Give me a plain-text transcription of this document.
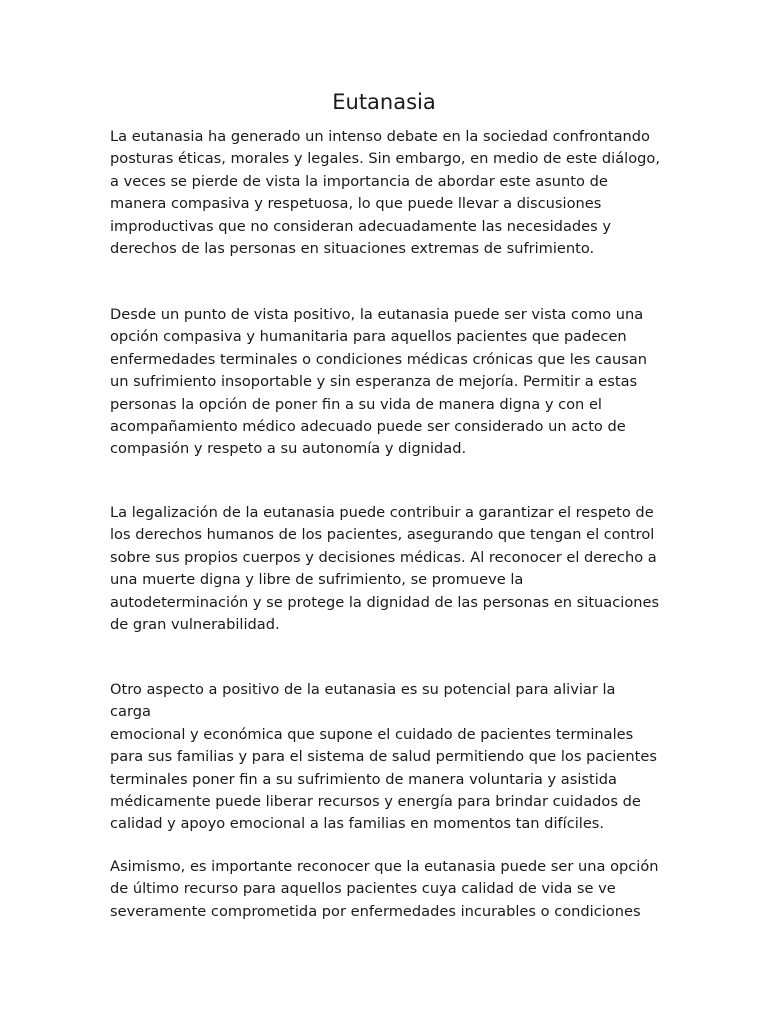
Eutanasia

La eutanasia ha generado un intenso debate en la sociedad confrontando
posturas éticas, morales y legales. Sin embargo, en medio de este diálogo,
a veces se pierde de vista la importancia de abordar este asunto de
manera compasiva y respetuosa, lo que puede llevar a discusiones
improductivas que no consideran adecuadamente las necesidades y
derechos de las personas en situaciones extremas de sufrimiento.

Desde un punto de vista positivo, la eutanasia puede ser vista como una
opción compasiva y humanitaria para aquellos pacientes que padecen
enfermedades terminales o condiciones médicas crónicas que les causan
un sufrimiento insoportable y sin esperanza de mejoría. Permitir a estas
personas la opción de poner fin a su vida de manera digna y con el
acompañamiento médico adecuado puede ser considerado un acto de
compasión y respeto a su autonomía y dignidad.

La legalización de la eutanasia puede contribuir a garantizar el respeto de
los derechos humanos de los pacientes, asegurando que tengan el control
sobre sus propios cuerpos y decisiones médicas. Al reconocer el derecho a
una muerte digna y libre de sufrimiento, se promueve la
autodeterminación y se protege la dignidad de las personas en situaciones
de gran vulnerabilidad.

Otro aspecto a positivo de la eutanasia es su potencial para aliviar la carga
emocional y económica que supone el cuidado de pacientes terminales
para sus familias y para el sistema de salud permitiendo que los pacientes
terminales poner fin a su sufrimiento de manera voluntaria y asistida
médicamente puede liberar recursos y energía para brindar cuidados de
calidad y apoyo emocional a las familias en momentos tan difíciles.

Asimismo, es importante reconocer que la eutanasia puede ser una opción
de último recurso para aquellos pacientes cuya calidad de vida se ve
severamente comprometida por enfermedades incurables o condiciones
